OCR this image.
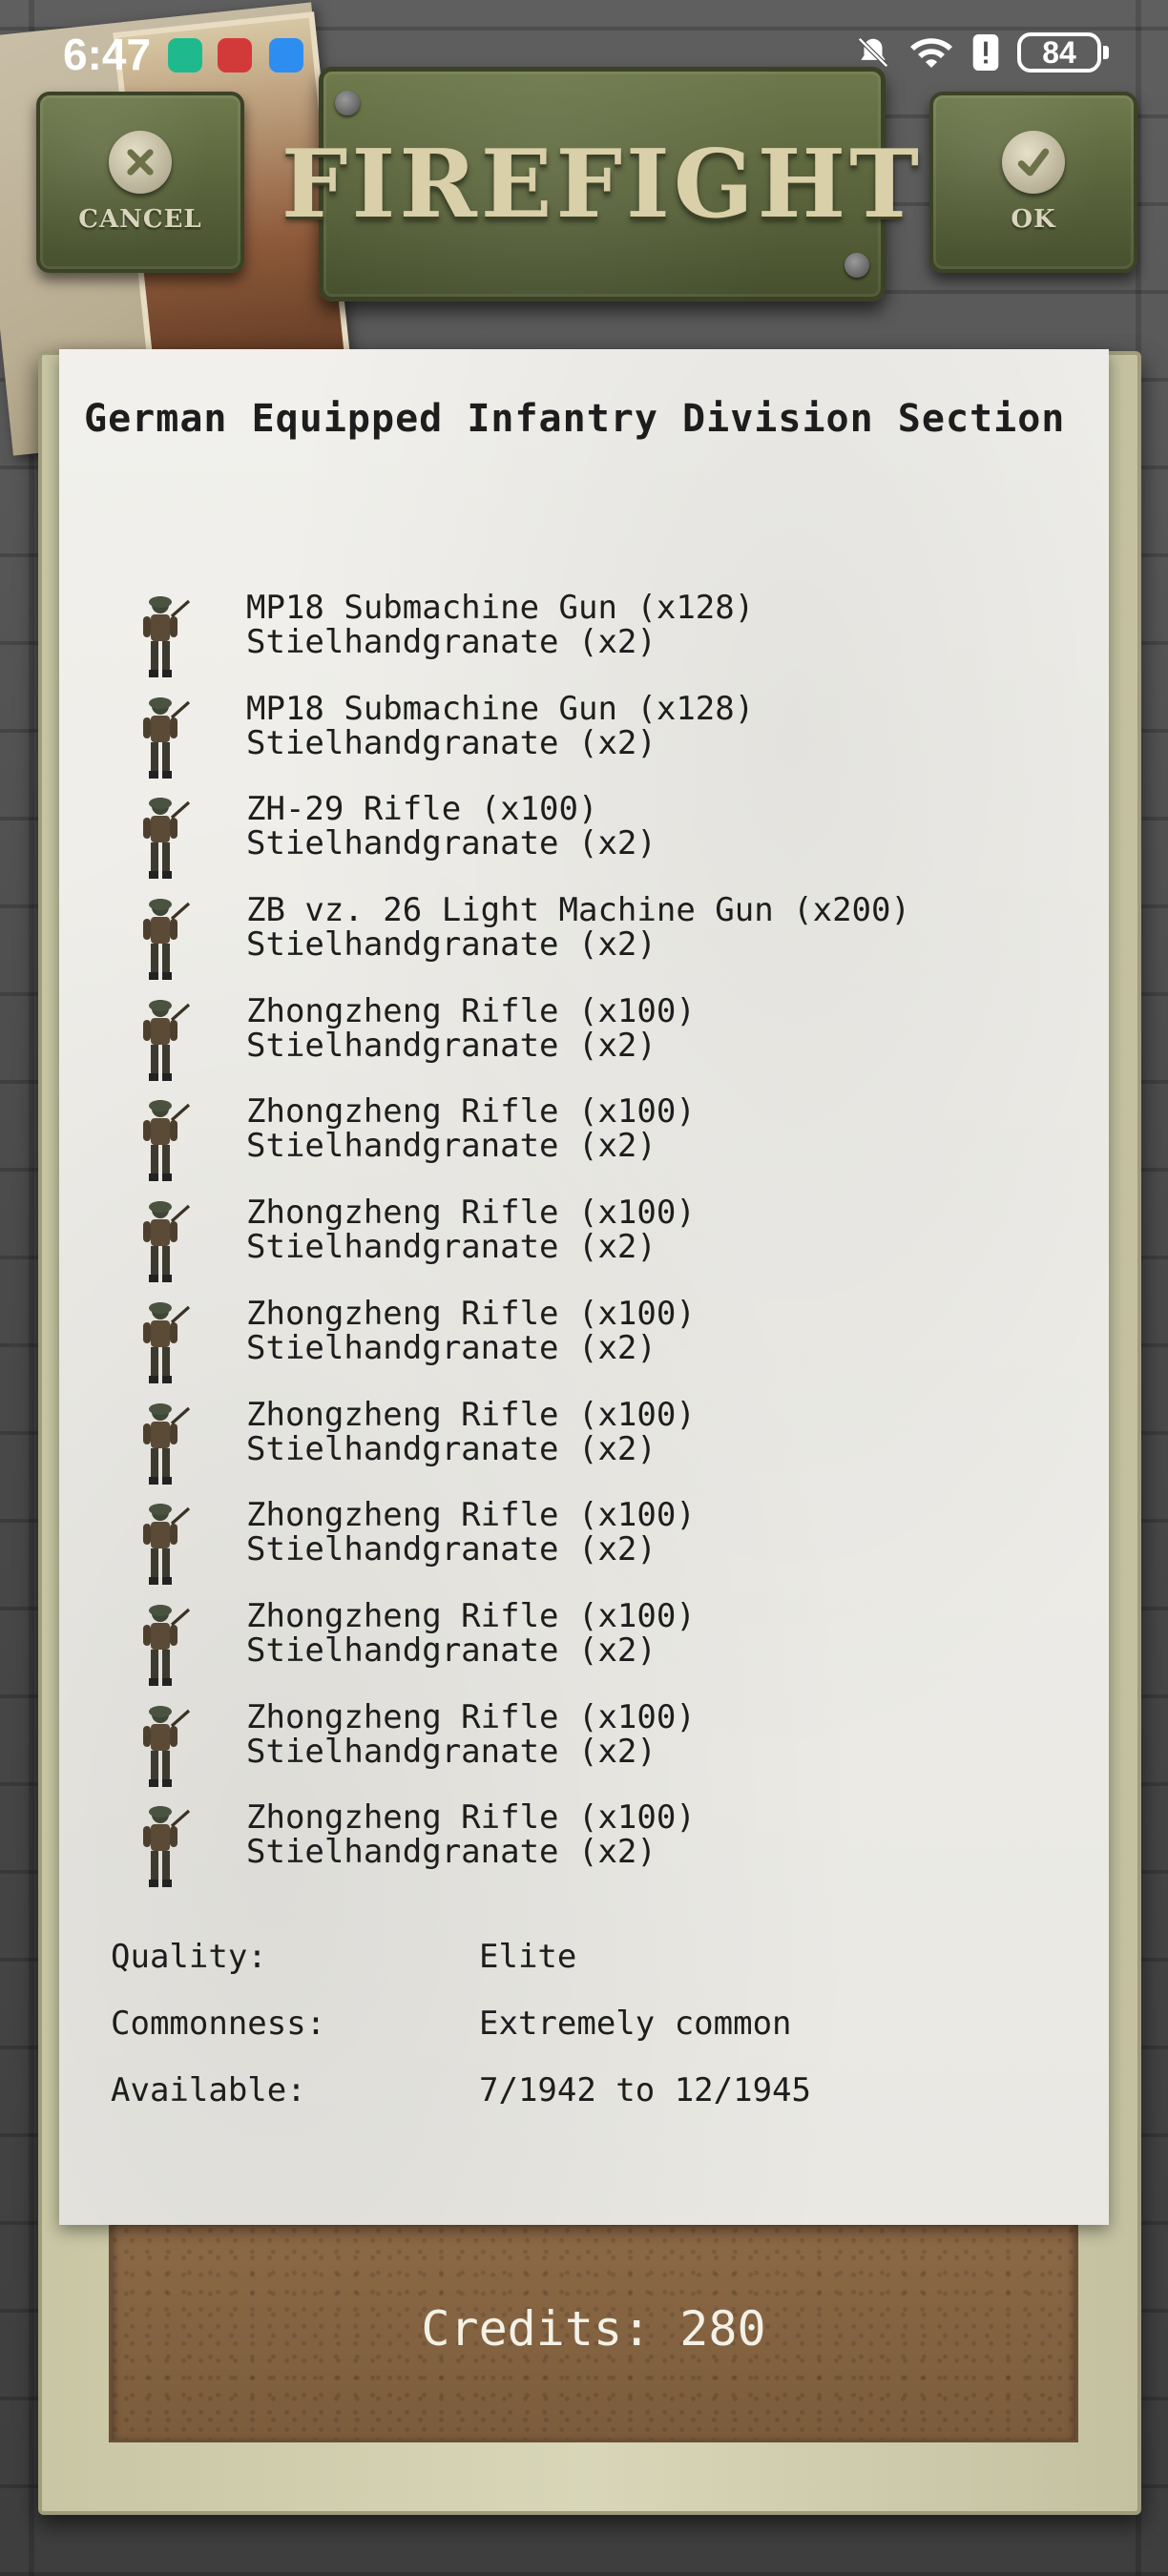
6:47	84
CANCEL FIREFIGHT	OK
Credits: 280
German Equipped Infantry Division Section
MP18 Submachine Gun (x128)
Stielhandgranate (x2)
MP18 Submachine Gun (x128)
Stielhandgranate (x2)
ZH-29 Rifle (x100)
Stielhandgranate (x2)
ZB vz. 26 Light Machine Gun (x200)
Stielhandgranate (x2)
Zhongzheng Rifle (x100)
Stielhandgranate (x2)
Zhongzheng Rifle (x100)
Stielhandgranate (x2)
Zhongzheng Rifle (x100)
Stielhandgranate (x2)
Zhongzheng Rifle (x100)
Stielhandgranate (x2)
Zhongzheng Rifle (x100)
Stielhandgranate (x2)
Zhongzheng Rifle (x100)
Stielhandgranate (x2)
Zhongzheng Rifle (x100)
Stielhandgranate (x2)
Zhongzheng Rifle (x100)
Stielhandgranate (x2)
Zhongzheng Rifle (x100)
Stielhandgranate (x2)
Quality:	Elite
Commonness:	Extremely common
Available:	7/1942 to 12/1945
